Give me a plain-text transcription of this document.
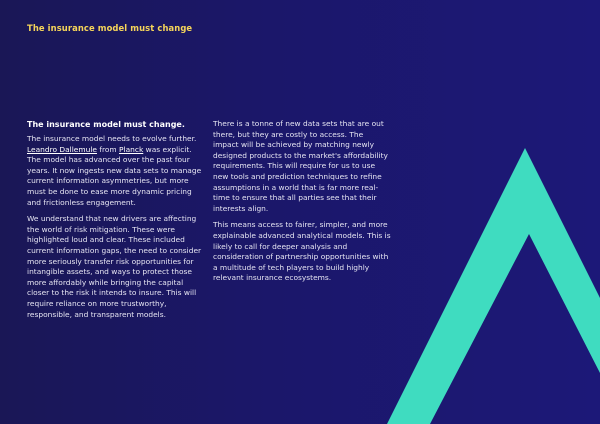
The insurance model must change
The insurance model must change.

The insurance model needs to evolve further. Leandro Dallemule from Planck was explicit. The model has advanced over the past four years. It now ingests new data sets to manage current information asymmetries, but more must be done to ease more dynamic pricing and frictionless engagement.

We understand that new drivers are affecting the world of risk mitigation. These were highlighted loud and clear. These included current information gaps, the need to consider more seriously transfer risk opportunities for intangible assets, and ways to protect those more affordably while bringing the capital closer to the risk it intends to insure. This will require reliance on more trustworthy, responsible, and transparent models.

There is a tonne of new data sets that are out there, but they are costly to access. The impact will be achieved by matching newly designed products to the market's affordability requirements. This will require for us to use new tools and prediction techniques to refine assumptions in a world that is far more real-time to ensure that all parties see that their interests align.

This means access to fairer, simpler, and more explainable advanced analytical models. This is likely to call for deeper analysis and consideration of partnership opportunities with a multitude of tech players to build highly relevant insurance ecosystems.
